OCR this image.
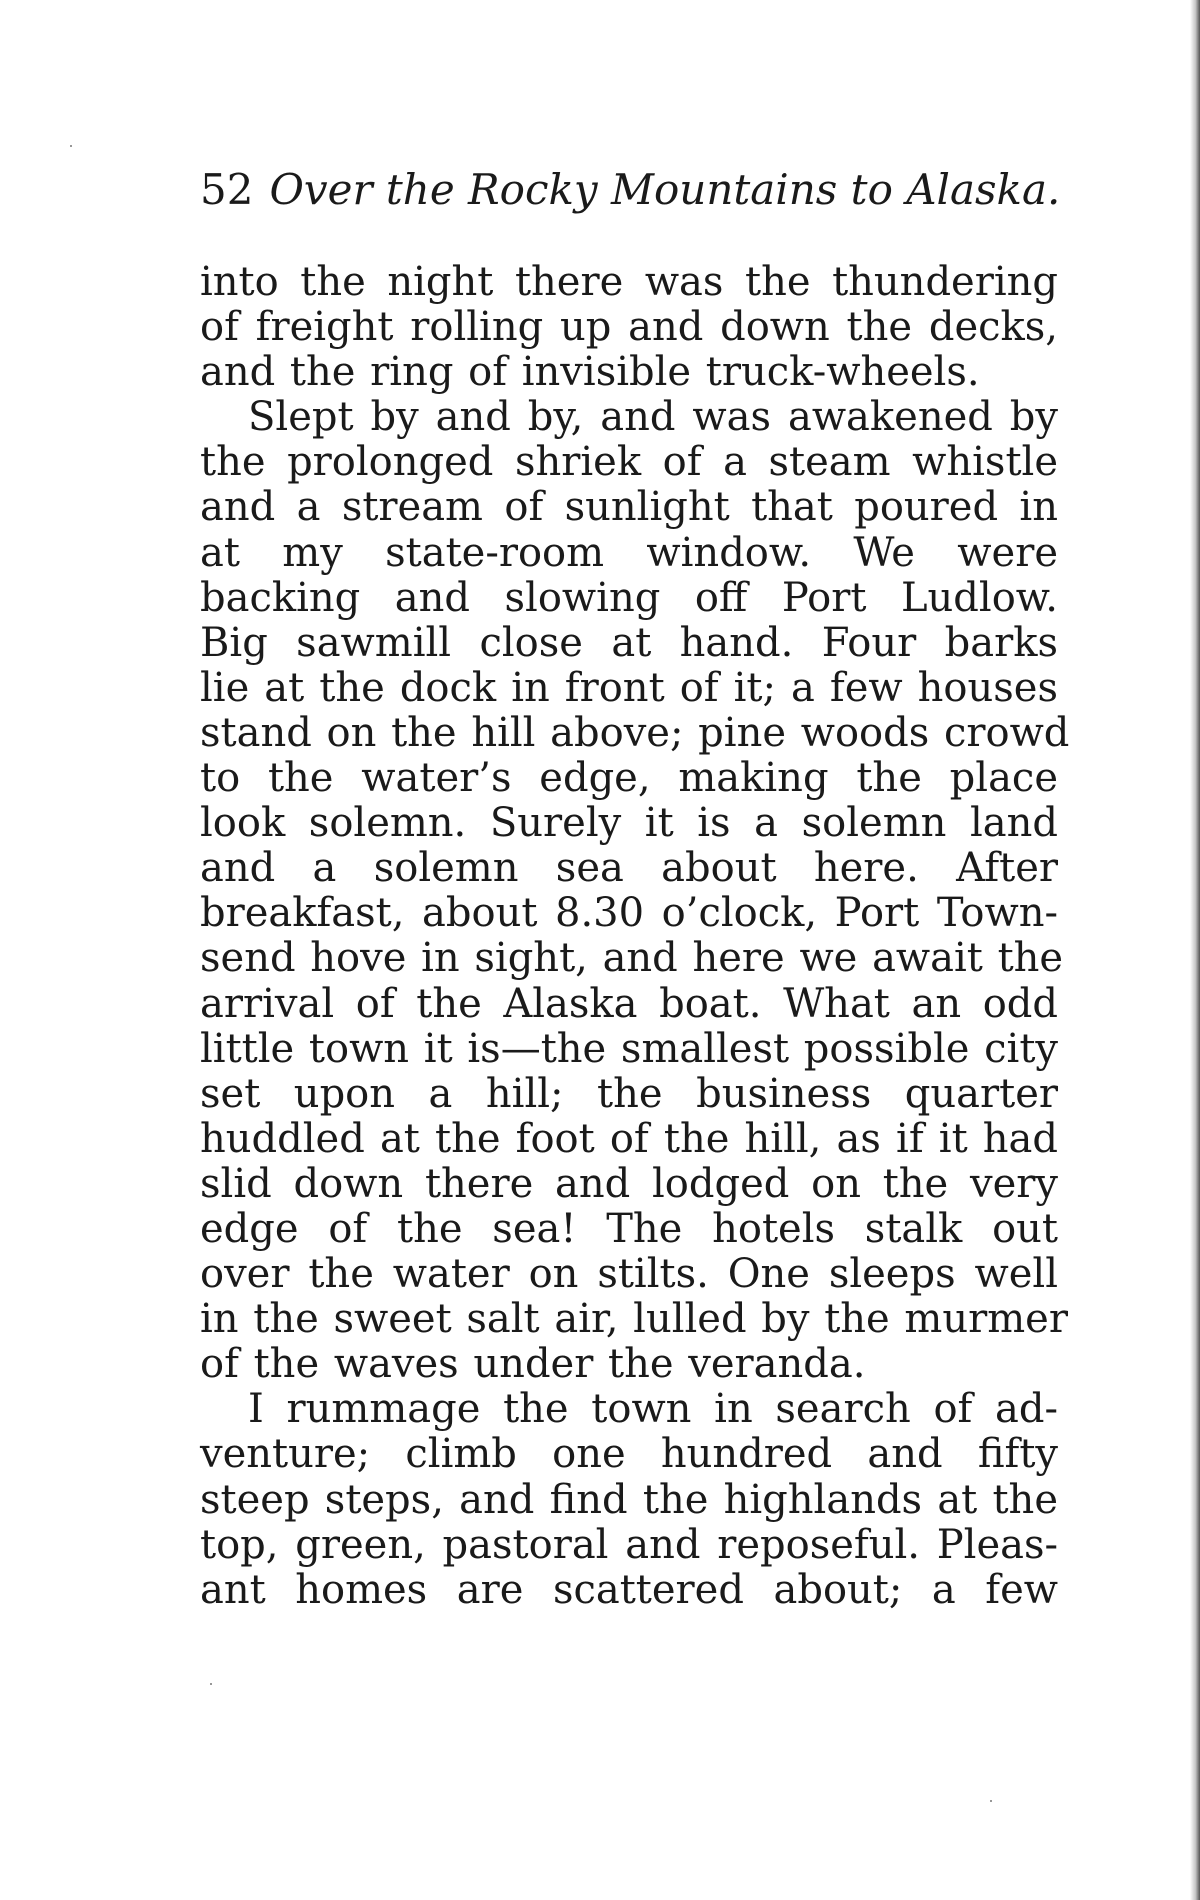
52 Over the Rocky Mountains to Alaska.
into the night there was the thundering
of freight rolling up and down the decks,
and the ring of invisible truck-wheels.
Slept by and by, and was awakened by
the prolonged shriek of a steam whistle
and a stream of sunlight that poured in
at my state-room window. We were
backing and slowing off Port Ludlow.
Big sawmill close at hand. Four barks
lie at the dock in front of it; a few houses
stand on the hill above; pine woods crowd
to the water’s edge, making the place
look solemn. Surely it is a solemn land
and a solemn sea about here. After
breakfast, about 8.30 o’clock, Port Town-
send hove in sight, and here we await the
arrival of the Alaska boat. What an odd
little town it is—the smallest possible city
set upon a hill; the business quarter
huddled at the foot of the hill, as if it had
slid down there and lodged on the very
edge of the sea! The hotels stalk out
over the water on stilts. One sleeps well
in the sweet salt air, lulled by the murmer
of the waves under the veranda.
I rummage the town in search of ad-
venture; climb one hundred and fifty
steep steps, and find the highlands at the
top, green, pastoral and reposeful. Pleas-
ant homes are scattered about; a few
